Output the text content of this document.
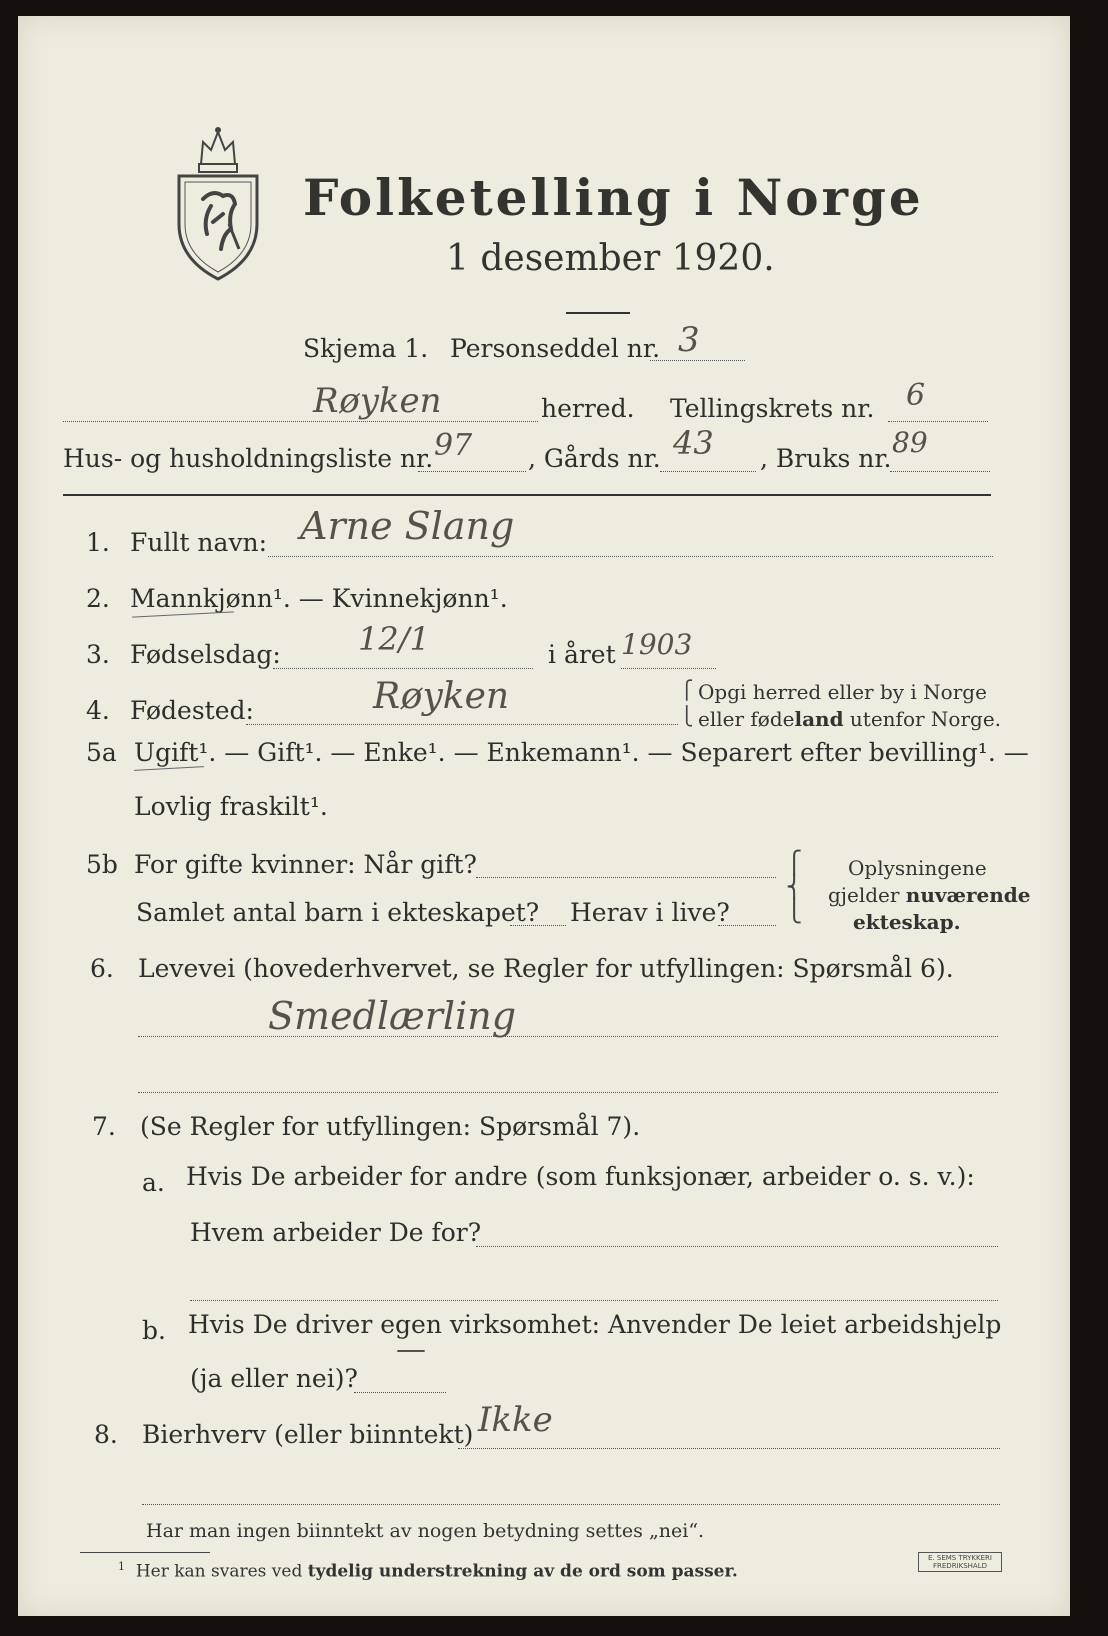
Folketelling i Norge
1 desember 1920.
Skjema 1. Personseddel nr. 3
Røyken	herred. Tellingskrets nr. 6
Hus- og husholdningsliste nr. 97 , Gårds nr. 43 , Bruks nr. 89
1. Fullt navn: Arne Slang
2. Mannkjønn¹. — Kvinnekjønn¹.
3. Fødselsdag: 12/1	i året 1903
4. Fødested:	Røyken	⎧
⎩
Opgi herred eller by i Norge
eller fødeland utenfor Norge.
5a Ugift¹. — Gift¹. — Enke¹. — Enkemann¹. — Separert efter bevilling¹. —
Lovlig fraskilt¹.
5b For gifte kvinner: Når gift?
Samlet antal barn i ekteskapet? Herav i live?
⎧
⎨
⎩
Oplysningene
gjelder nuværende
ekteskap.
6. Levevei (hovederhvervet, se Regler for utfyllingen: Spørsmål 6).
Smedlærling
7. (Se Regler for utfyllingen: Spørsmål 7).
a. Hvis De arbeider for andre (som funksjonær, arbeider o. s. v.):
Hvem arbeider De for?
b. Hvis De driver egen virksomhet: Anvender De leiet arbeidshjelp
(ja eller nei)?
—
8. Bierhverv (eller biinntekt) Ikke
Har man ingen biinntekt av nogen betydning settes „nei“.
$^1$ Her kan svares ved tydelig understrekning av de ord som passer.
E. SEMS TRYKKERI
FREDRIKSHALD
